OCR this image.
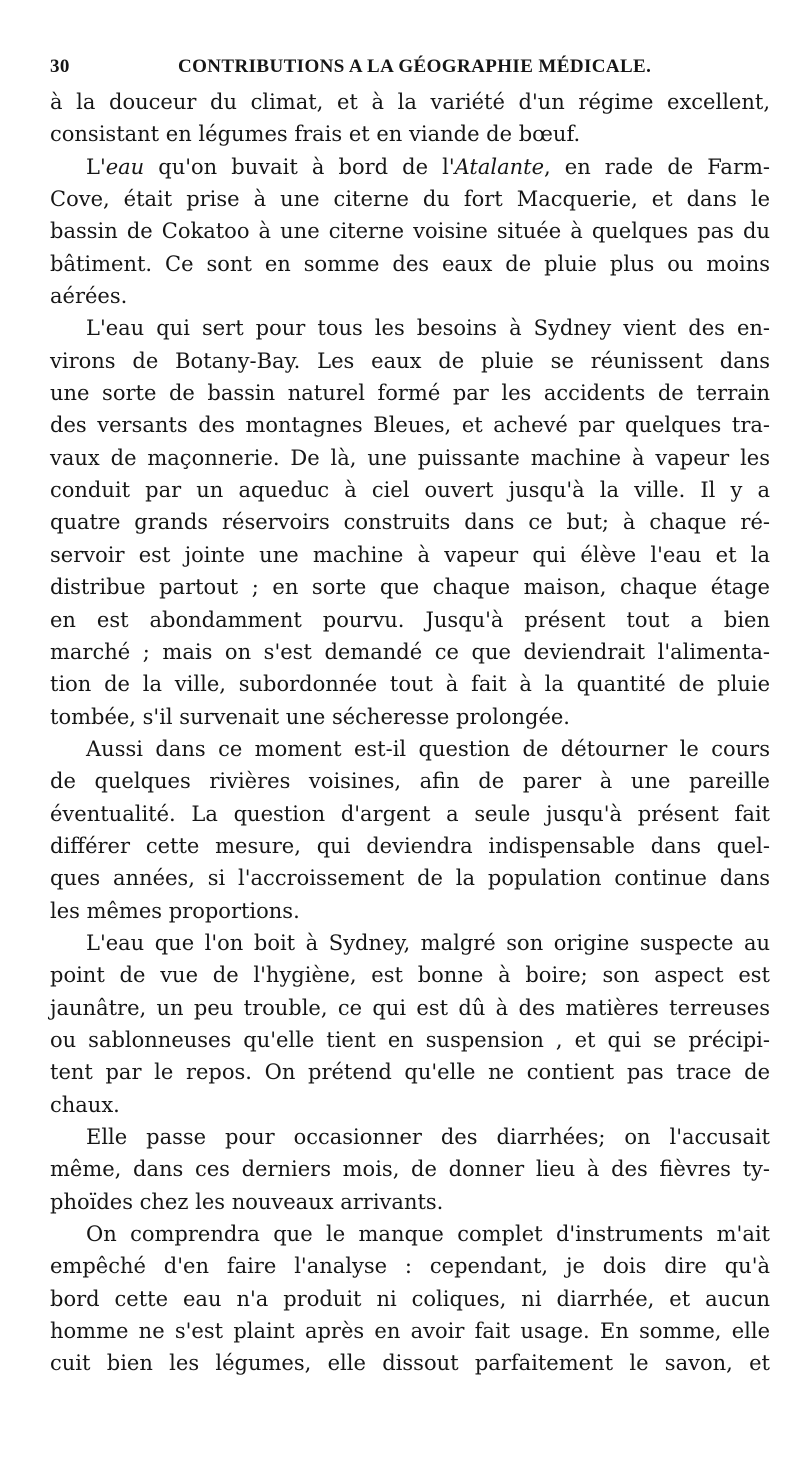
30	CONTRIBUTIONS A LA GÉOGRAPHIE MÉDICALE.
à la douceur du climat, et à la variété d'un régime excellent,
consistant en légumes frais et en viande de bœuf.
L'eau qu'on buvait à bord de l'Atalante, en rade de Farm-
Cove, était prise à une citerne du fort Macquerie, et dans le
bassin de Cokatoo à une citerne voisine située à quelques pas du
bâtiment. Ce sont en somme des eaux de pluie plus ou moins
aérées.
L'eau qui sert pour tous les besoins à Sydney vient des en-
virons de Botany-Bay. Les eaux de pluie se réunissent dans
une sorte de bassin naturel formé par les accidents de terrain
des versants des montagnes Bleues, et achevé par quelques tra-
vaux de maçonnerie. De là, une puissante machine à vapeur les
conduit par un aqueduc à ciel ouvert jusqu'à la ville. Il y a
quatre grands réservoirs construits dans ce but; à chaque ré-
servoir est jointe une machine à vapeur qui élève l'eau et la
distribue partout ; en sorte que chaque maison, chaque étage
en est abondamment pourvu. Jusqu'à présent tout a bien
marché ; mais on s'est demandé ce que deviendrait l'alimenta-
tion de la ville, subordonnée tout à fait à la quantité de pluie
tombée, s'il survenait une sécheresse prolongée.
Aussi dans ce moment est-il question de détourner le cours
de quelques rivières voisines, afin de parer à une pareille
éventualité. La question d'argent a seule jusqu'à présent fait
différer cette mesure, qui deviendra indispensable dans quel-
ques années, si l'accroissement de la population continue dans
les mêmes proportions.
L'eau que l'on boit à Sydney, malgré son origine suspecte au
point de vue de l'hygiène, est bonne à boire; son aspect est
jaunâtre, un peu trouble, ce qui est dû à des matières terreuses
ou sablonneuses qu'elle tient en suspension , et qui se précipi-
tent par le repos. On prétend qu'elle ne contient pas trace de
chaux.
Elle passe pour occasionner des diarrhées; on l'accusait
même, dans ces derniers mois, de donner lieu à des fièvres ty-
phoïdes chez les nouveaux arrivants.
On comprendra que le manque complet d'instruments m'ait
empêché d'en faire l'analyse : cependant, je dois dire qu'à
bord cette eau n'a produit ni coliques, ni diarrhée, et aucun
homme ne s'est plaint après en avoir fait usage. En somme, elle
cuit bien les légumes, elle dissout parfaitement le savon, et
